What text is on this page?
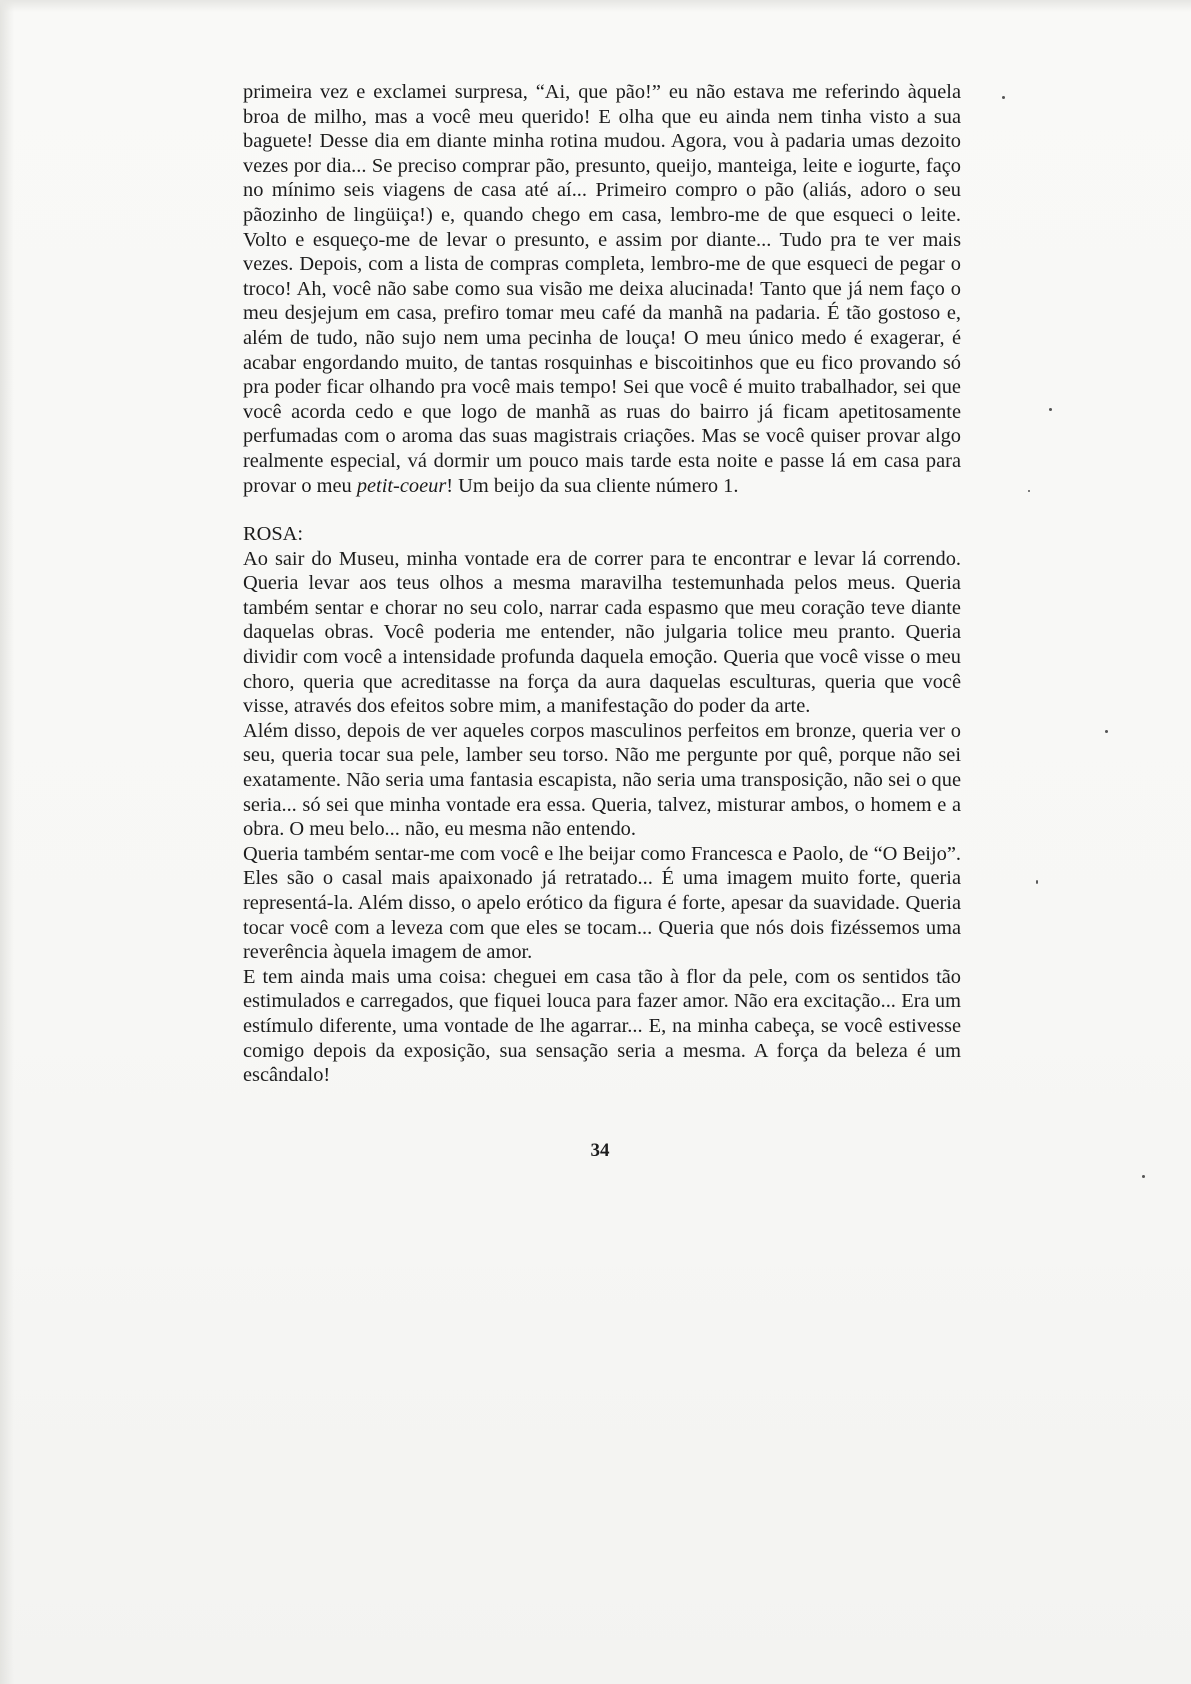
primeira vez e exclamei surpresa, “Ai, que pão!” eu não estava me referindo àquela broa de milho, mas a você meu querido! E olha que eu ainda nem tinha visto a sua baguete! Desse dia em diante minha rotina mudou. Agora, vou à padaria umas dezoito vezes por dia... Se preciso comprar pão, presunto, queijo, manteiga, leite e iogurte, faço no mínimo seis viagens de casa até aí... Primeiro compro o pão (aliás, adoro o seu pãozinho de lingüiça!) e, quando chego em casa, lembro-me de que esqueci o leite. Volto e esqueço-me de levar o presunto, e assim por diante... Tudo pra te ver mais vezes. Depois, com a lista de compras completa, lembro-me de que esqueci de pegar o troco! Ah, você não sabe como sua visão me deixa alucinada! Tanto que já nem faço o meu desjejum em casa, prefiro tomar meu café da manhã na padaria. É tão gostoso e, além de tudo, não sujo nem uma pecinha de louça! O meu único medo é exagerar, é acabar engordando muito, de tantas rosquinhas e biscoitinhos que eu fico provando só pra poder ficar olhando pra você mais tempo! Sei que você é muito trabalhador, sei que você acorda cedo e que logo de manhã as ruas do bairro já ficam apetitosamente perfumadas com o aroma das suas magistrais criações. Mas se você quiser provar algo realmente especial, vá dormir um pouco mais tarde esta noite e passe lá em casa para provar o meu petit-coeur! Um beijo da sua cliente número 1.

ROSA:

Ao sair do Museu, minha vontade era de correr para te encontrar e levar lá correndo. Queria levar aos teus olhos a mesma maravilha testemunhada pelos meus. Queria também sentar e chorar no seu colo, narrar cada espasmo que meu coração teve diante daquelas obras. Você poderia me entender, não julgaria tolice meu pranto. Queria dividir com você a intensidade profunda daquela emoção. Queria que você visse o meu choro, queria que acreditasse na força da aura daquelas esculturas, queria que você visse, através dos efeitos sobre mim, a manifestação do poder da arte.

Além disso, depois de ver aqueles corpos masculinos perfeitos em bronze, queria ver o seu, queria tocar sua pele, lamber seu torso. Não me pergunte por quê, porque não sei exatamente. Não seria uma fantasia escapista, não seria uma transposição, não sei o que seria... só sei que minha vontade era essa. Queria, talvez, misturar ambos, o homem e a obra. O meu belo... não, eu mesma não entendo.

Queria também sentar-me com você e lhe beijar como Francesca e Paolo, de “O Beijo”. Eles são o casal mais apaixonado já retratado... É uma imagem muito forte, queria representá-la. Além disso, o apelo erótico da figura é forte, apesar da suavidade. Queria tocar você com a leveza com que eles se tocam... Queria que nós dois fizéssemos uma reverência àquela imagem de amor.

E tem ainda mais uma coisa: cheguei em casa tão à flor da pele, com os sentidos tão estimulados e carregados, que fiquei louca para fazer amor. Não era excitação... Era um estímulo diferente, uma vontade de lhe agarrar... E, na minha cabeça, se você estivesse comigo depois da exposição, sua sensação seria a mesma. A força da beleza é um escândalo!

34
